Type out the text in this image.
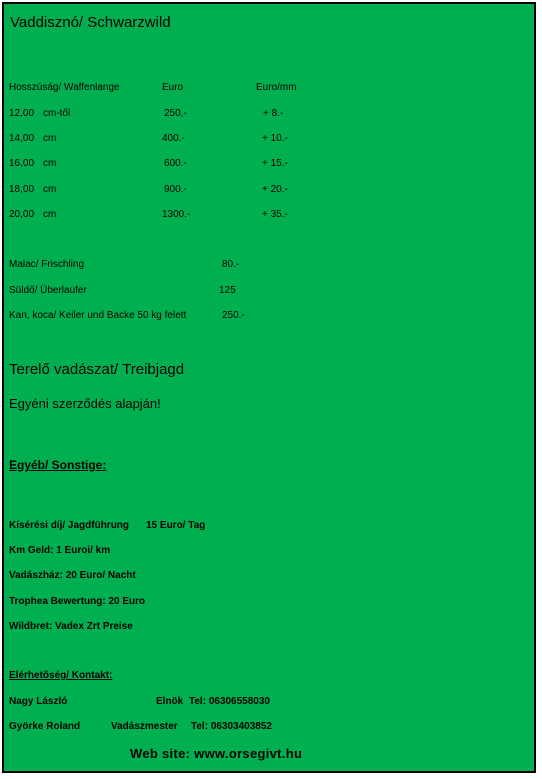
Vaddisznó/ Schwarzwild
Hosszúság/ Waffenlange	Euro	Euro/mm
12,00 cm-től	250,-	+ 8.-
14,00 cm	400.-	+ 10.-
16,00 cm	600.-	+ 15.-
18,00 cm	900.-	+ 20.-
20,00 cm	1300.-	+ 35.-
Malac/ Frischling	80.-
Süldő/ Überlaufer	125
Kan, koca/ Keiler und Backe 50 kg felett	250.-
Terelő vadászat/ Treibjagd
Egyéni szerződés alapján!
Egyéb/ Sonstige:
Kísérési díj/ Jagdführung 15 Euro/ Tag
Km Geld: 1 Euroi/ km
Vadászház: 20 Euro/ Nacht
Trophea Bewertung: 20 Euro
Wildbret: Vadex Zrt Preise
Elérhetőség/ Kontakt:
Nagy László	Elnök Tel: 06306558030
Györke Roland	Vadászmester Tel: 06303403852
Web site: www.orsegivt.hu
